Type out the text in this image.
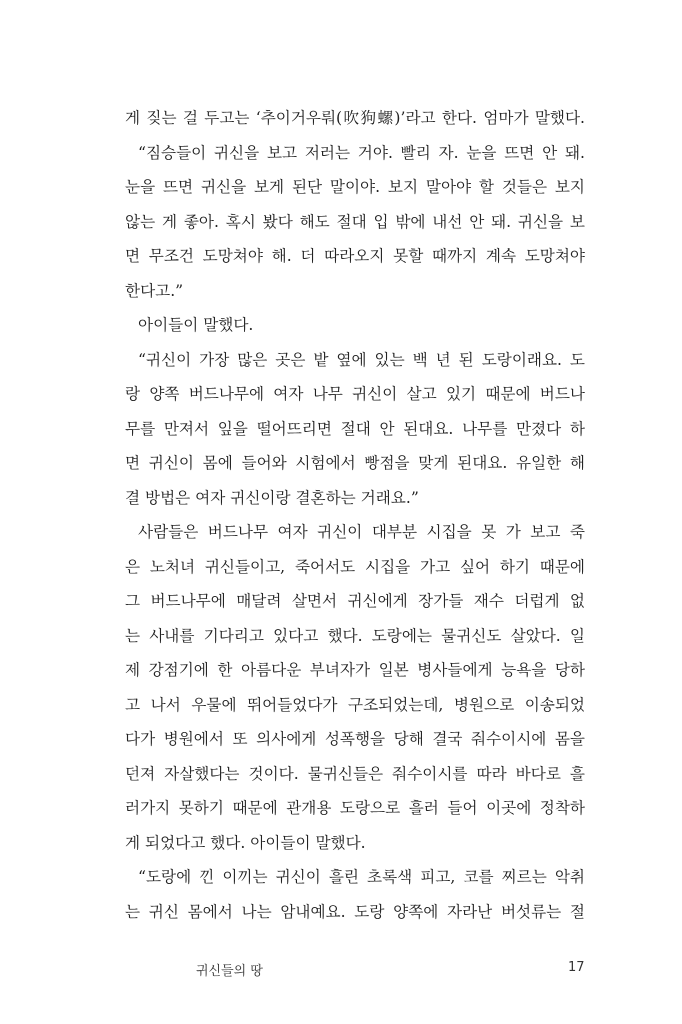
게 짖는 걸 두고는 ‘추이거우뤄(吹狗螺)’라고 한다. 엄마가 말했다.
“짐승들이 귀신을 보고 저러는 거야. 빨리 자. 눈을 뜨면 안 돼.
눈을 뜨면 귀신을 보게 된단 말이야. 보지 말아야 할 것들은 보지
않는 게 좋아. 혹시 봤다 해도 절대 입 밖에 내선 안 돼. 귀신을 보
면 무조건 도망쳐야 해. 더 따라오지 못할 때까지 계속 도망쳐야
한다고.”
아이들이 말했다.
“귀신이 가장 많은 곳은 밭 옆에 있는 백 년 된 도랑이래요. 도
랑 양쪽 버드나무에 여자 나무 귀신이 살고 있기 때문에 버드나
무를 만져서 잎을 떨어뜨리면 절대 안 된대요. 나무를 만졌다 하
면 귀신이 몸에 들어와 시험에서 빵점을 맞게 된대요. 유일한 해
결 방법은 여자 귀신이랑 결혼하는 거래요.”
사람들은 버드나무 여자 귀신이 대부분 시집을 못 가 보고 죽
은 노처녀 귀신들이고, 죽어서도 시집을 가고 싶어 하기 때문에
그 버드나무에 매달려 살면서 귀신에게 장가들 재수 더럽게 없
는 사내를 기다리고 있다고 했다. 도랑에는 물귀신도 살았다. 일
제 강점기에 한 아름다운 부녀자가 일본 병사들에게 능욕을 당하
고 나서 우물에 뛰어들었다가 구조되었는데, 병원으로 이송되었
다가 병원에서 또 의사에게 성폭행을 당해 결국 줘수이시에 몸을
던져 자살했다는 것이다. 물귀신들은 줘수이시를 따라 바다로 흘
러가지 못하기 때문에 관개용 도랑으로 흘러 들어 이곳에 정착하
게 되었다고 했다. 아이들이 말했다.
“도랑에 낀 이끼는 귀신이 흘린 초록색 피고, 코를 찌르는 악취
는 귀신 몸에서 나는 암내예요. 도랑 양쪽에 자라난 버섯류는 절
귀신들의 땅	17
